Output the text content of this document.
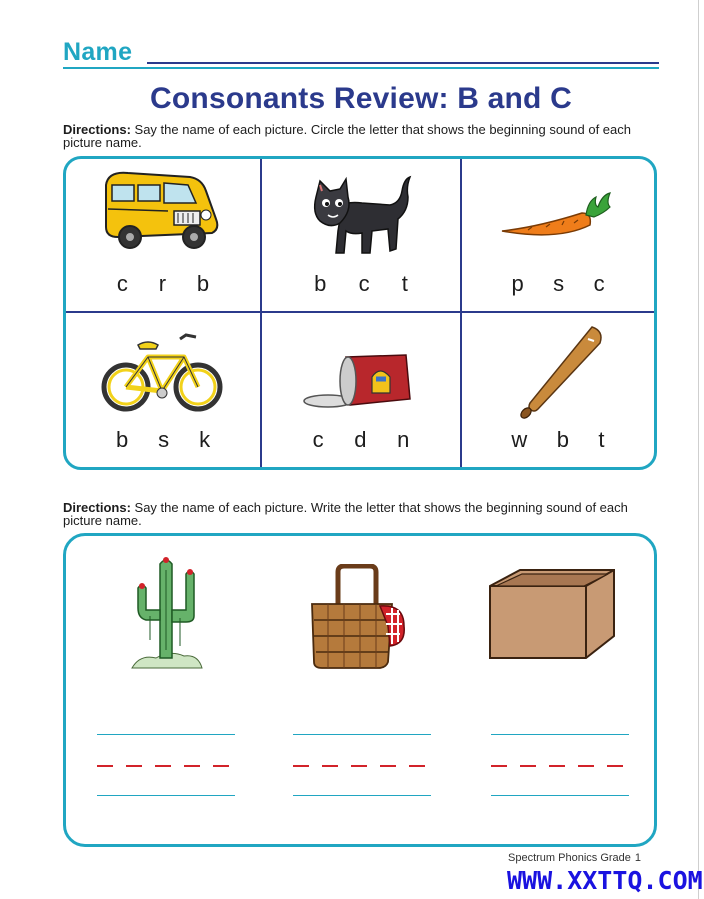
Name
Consonants Review: B and C
Directions: Say the name of each picture. Circle the letter that shows the beginning sound of each picture name.
c r b	b c t	p s c
b s k	c d n	w b t
Directions: Say the name of each picture. Write the letter that shows the beginning sound of each picture name.
Spectrum Phonics Grade 1
WWW.XXTTQ.COM
